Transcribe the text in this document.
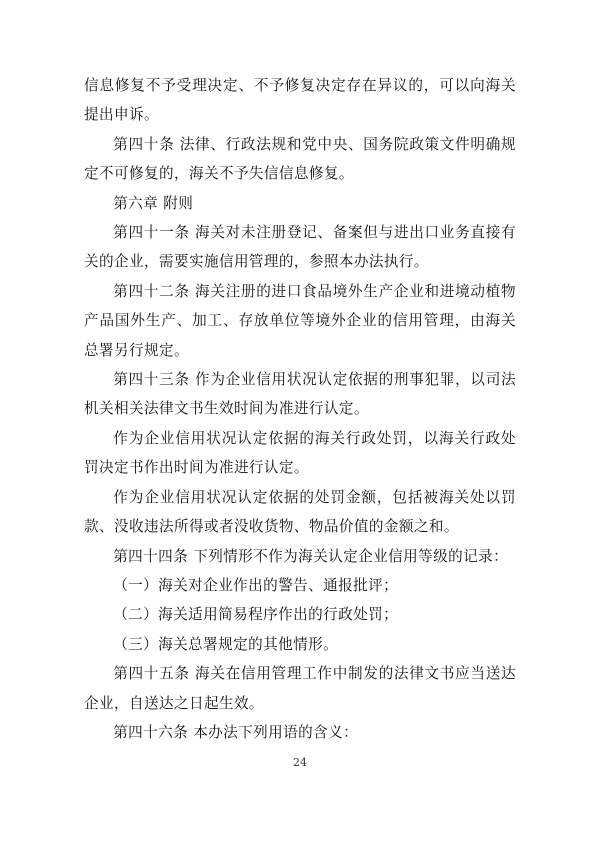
信息修复不予受理决定、不予修复决定存在异议的，可以向海关提出申诉。

第四十条 法律、行政法规和党中央、国务院政策文件明确规定不可修复的，海关不予失信信息修复。

第六章 附则

第四十一条 海关对未注册登记、备案但与进出口业务直接有关的企业，需要实施信用管理的，参照本办法执行。

第四十二条 海关注册的进口食品境外生产企业和进境动植物产品国外生产、加工、存放单位等境外企业的信用管理，由海关总署另行规定。

第四十三条 作为企业信用状况认定依据的刑事犯罪，以司法机关相关法律文书生效时间为准进行认定。

作为企业信用状况认定依据的海关行政处罚，以海关行政处罚决定书作出时间为准进行认定。

作为企业信用状况认定依据的处罚金额，包括被海关处以罚款、没收违法所得或者没收货物、物品价值的金额之和。

第四十四条 下列情形不作为海关认定企业信用等级的记录：

（一）海关对企业作出的警告、通报批评；

（二）海关适用简易程序作出的行政处罚；

（三）海关总署规定的其他情形。

第四十五条 海关在信用管理工作中制发的法律文书应当送达企业，自送达之日起生效。

第四十六条 本办法下列用语的含义：

24
